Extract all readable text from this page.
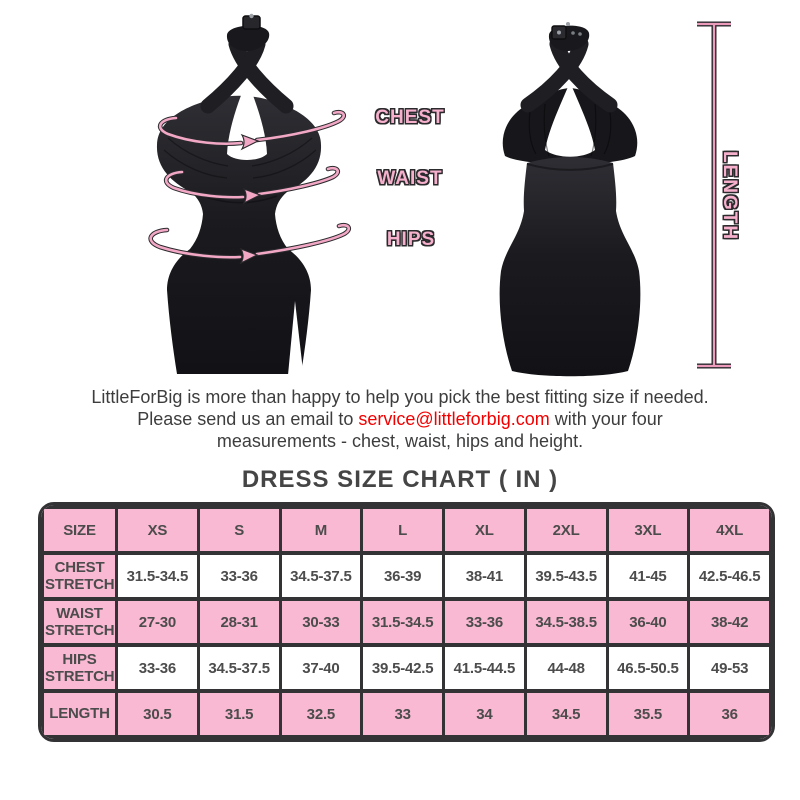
CHEST
WAIST
HIPS	LENGTH

LittleForBig is more than happy to help you pick the best fitting size if needed.
Please send us an email to service@littleforbig.com with your four
measurements - chest, waist, hips and height.

DRESS SIZE CHART ( IN )
SIZE	XS	S	M	L	XL	2XL	3XL	4XL
CHEST STRETCH	31.5-34.5	33-36	34.5-37.5	36-39	38-41	39.5-43.5	41-45	42.5-46.5
WAIST STRETCH	27-30	28-31	30-33	31.5-34.5	33-36	34.5-38.5	36-40	38-42
HIPS STRETCH	33-36	34.5-37.5	37-40	39.5-42.5	41.5-44.5	44-48	46.5-50.5	49-53
LENGTH	30.5	31.5	32.5	33	34	34.5	35.5	36
